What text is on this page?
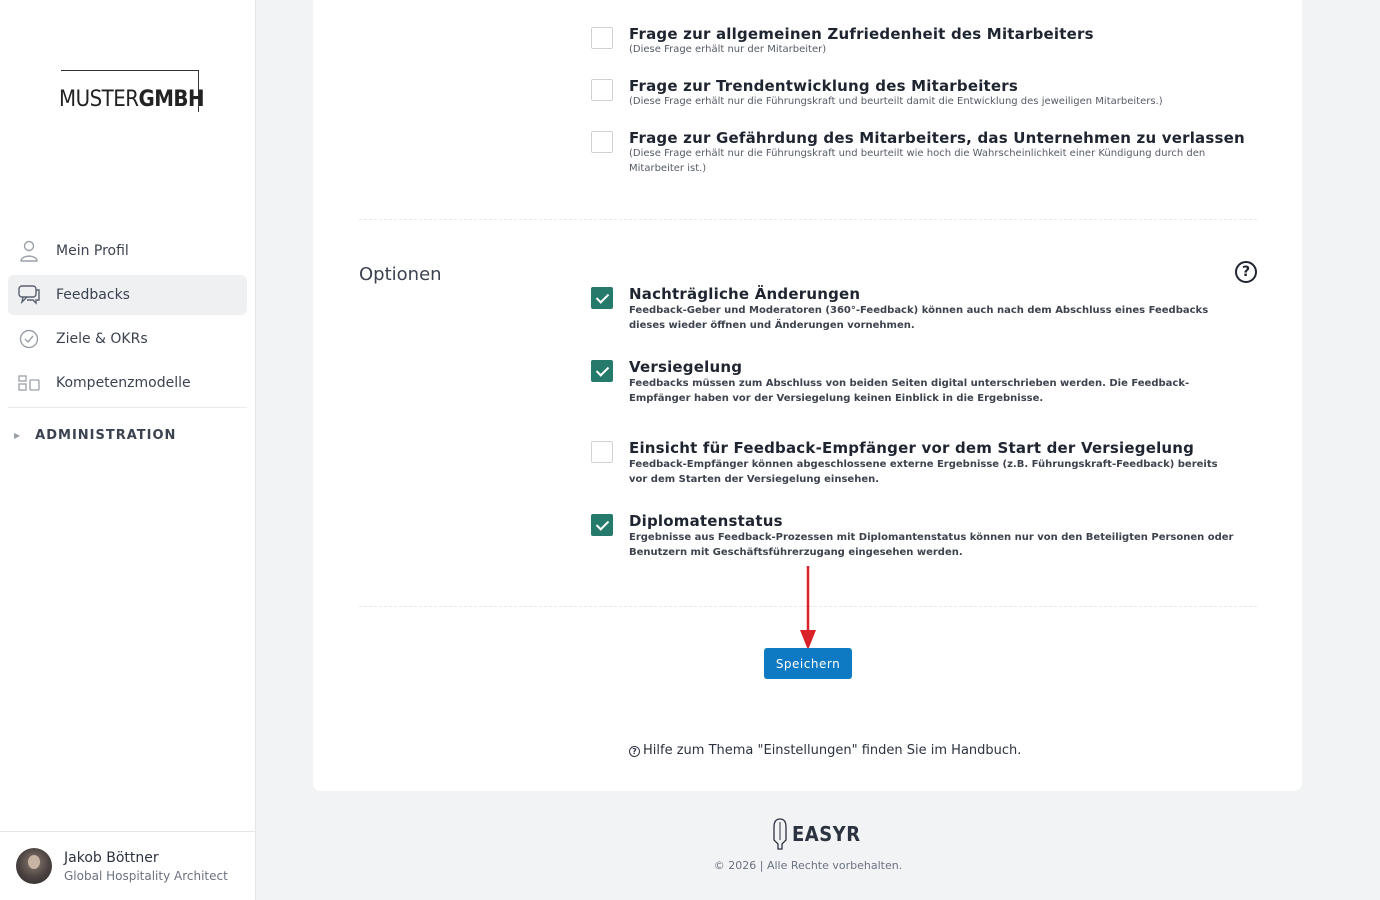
MUSTERGMBH
Mein Profil
Feedbacks
Ziele & OKRs
Kompetenzmodelle
▶ ADMINISTRATION
Jakob Böttner
Global Hospitality Architect
Frage zur allgemeinen Zufriedenheit des Mitarbeiters
(Diese Frage erhält nur der Mitarbeiter)
Frage zur Trendentwicklung des Mitarbeiters
(Diese Frage erhält nur die Führungskraft und beurteilt damit die Entwicklung des jeweiligen Mitarbeiters.)
Frage zur Gefährdung des Mitarbeiters, das Unternehmen zu verlassen
(Diese Frage erhält nur die Führungskraft und beurteilt wie hoch die Wahrscheinlichkeit einer Kündigung durch den Mitarbeiter ist.)
Optionen	?
Nachträgliche Änderungen
Feedback-Geber und Moderatoren (360°-Feedback) können auch nach dem Abschluss eines Feedbacks dieses wieder öffnen und Änderungen vornehmen.
Versiegelung
Feedbacks müssen zum Abschluss von beiden Seiten digital unterschrieben werden. Die Feedback-Empfänger haben vor der Versiegelung keinen Einblick in die Ergebnisse.
Einsicht für Feedback-Empfänger vor dem Start der Versiegelung
Feedback-Empfänger können abgeschlossene externe Ergebnisse (z.B. Führungskraft-Feedback) bereits vor dem Starten der Versiegelung einsehen.
Diplomatenstatus
Ergebnisse aus Feedback-Prozessen mit Diplomantenstatus können nur von den Beteiligten Personen oder Benutzern mit Geschäftsführerzugang eingesehen werden.
Speichern
? Hilfe zum Thema "Einstellungen" finden Sie im Handbuch.
EASYR
© 2026 | Alle Rechte vorbehalten.
